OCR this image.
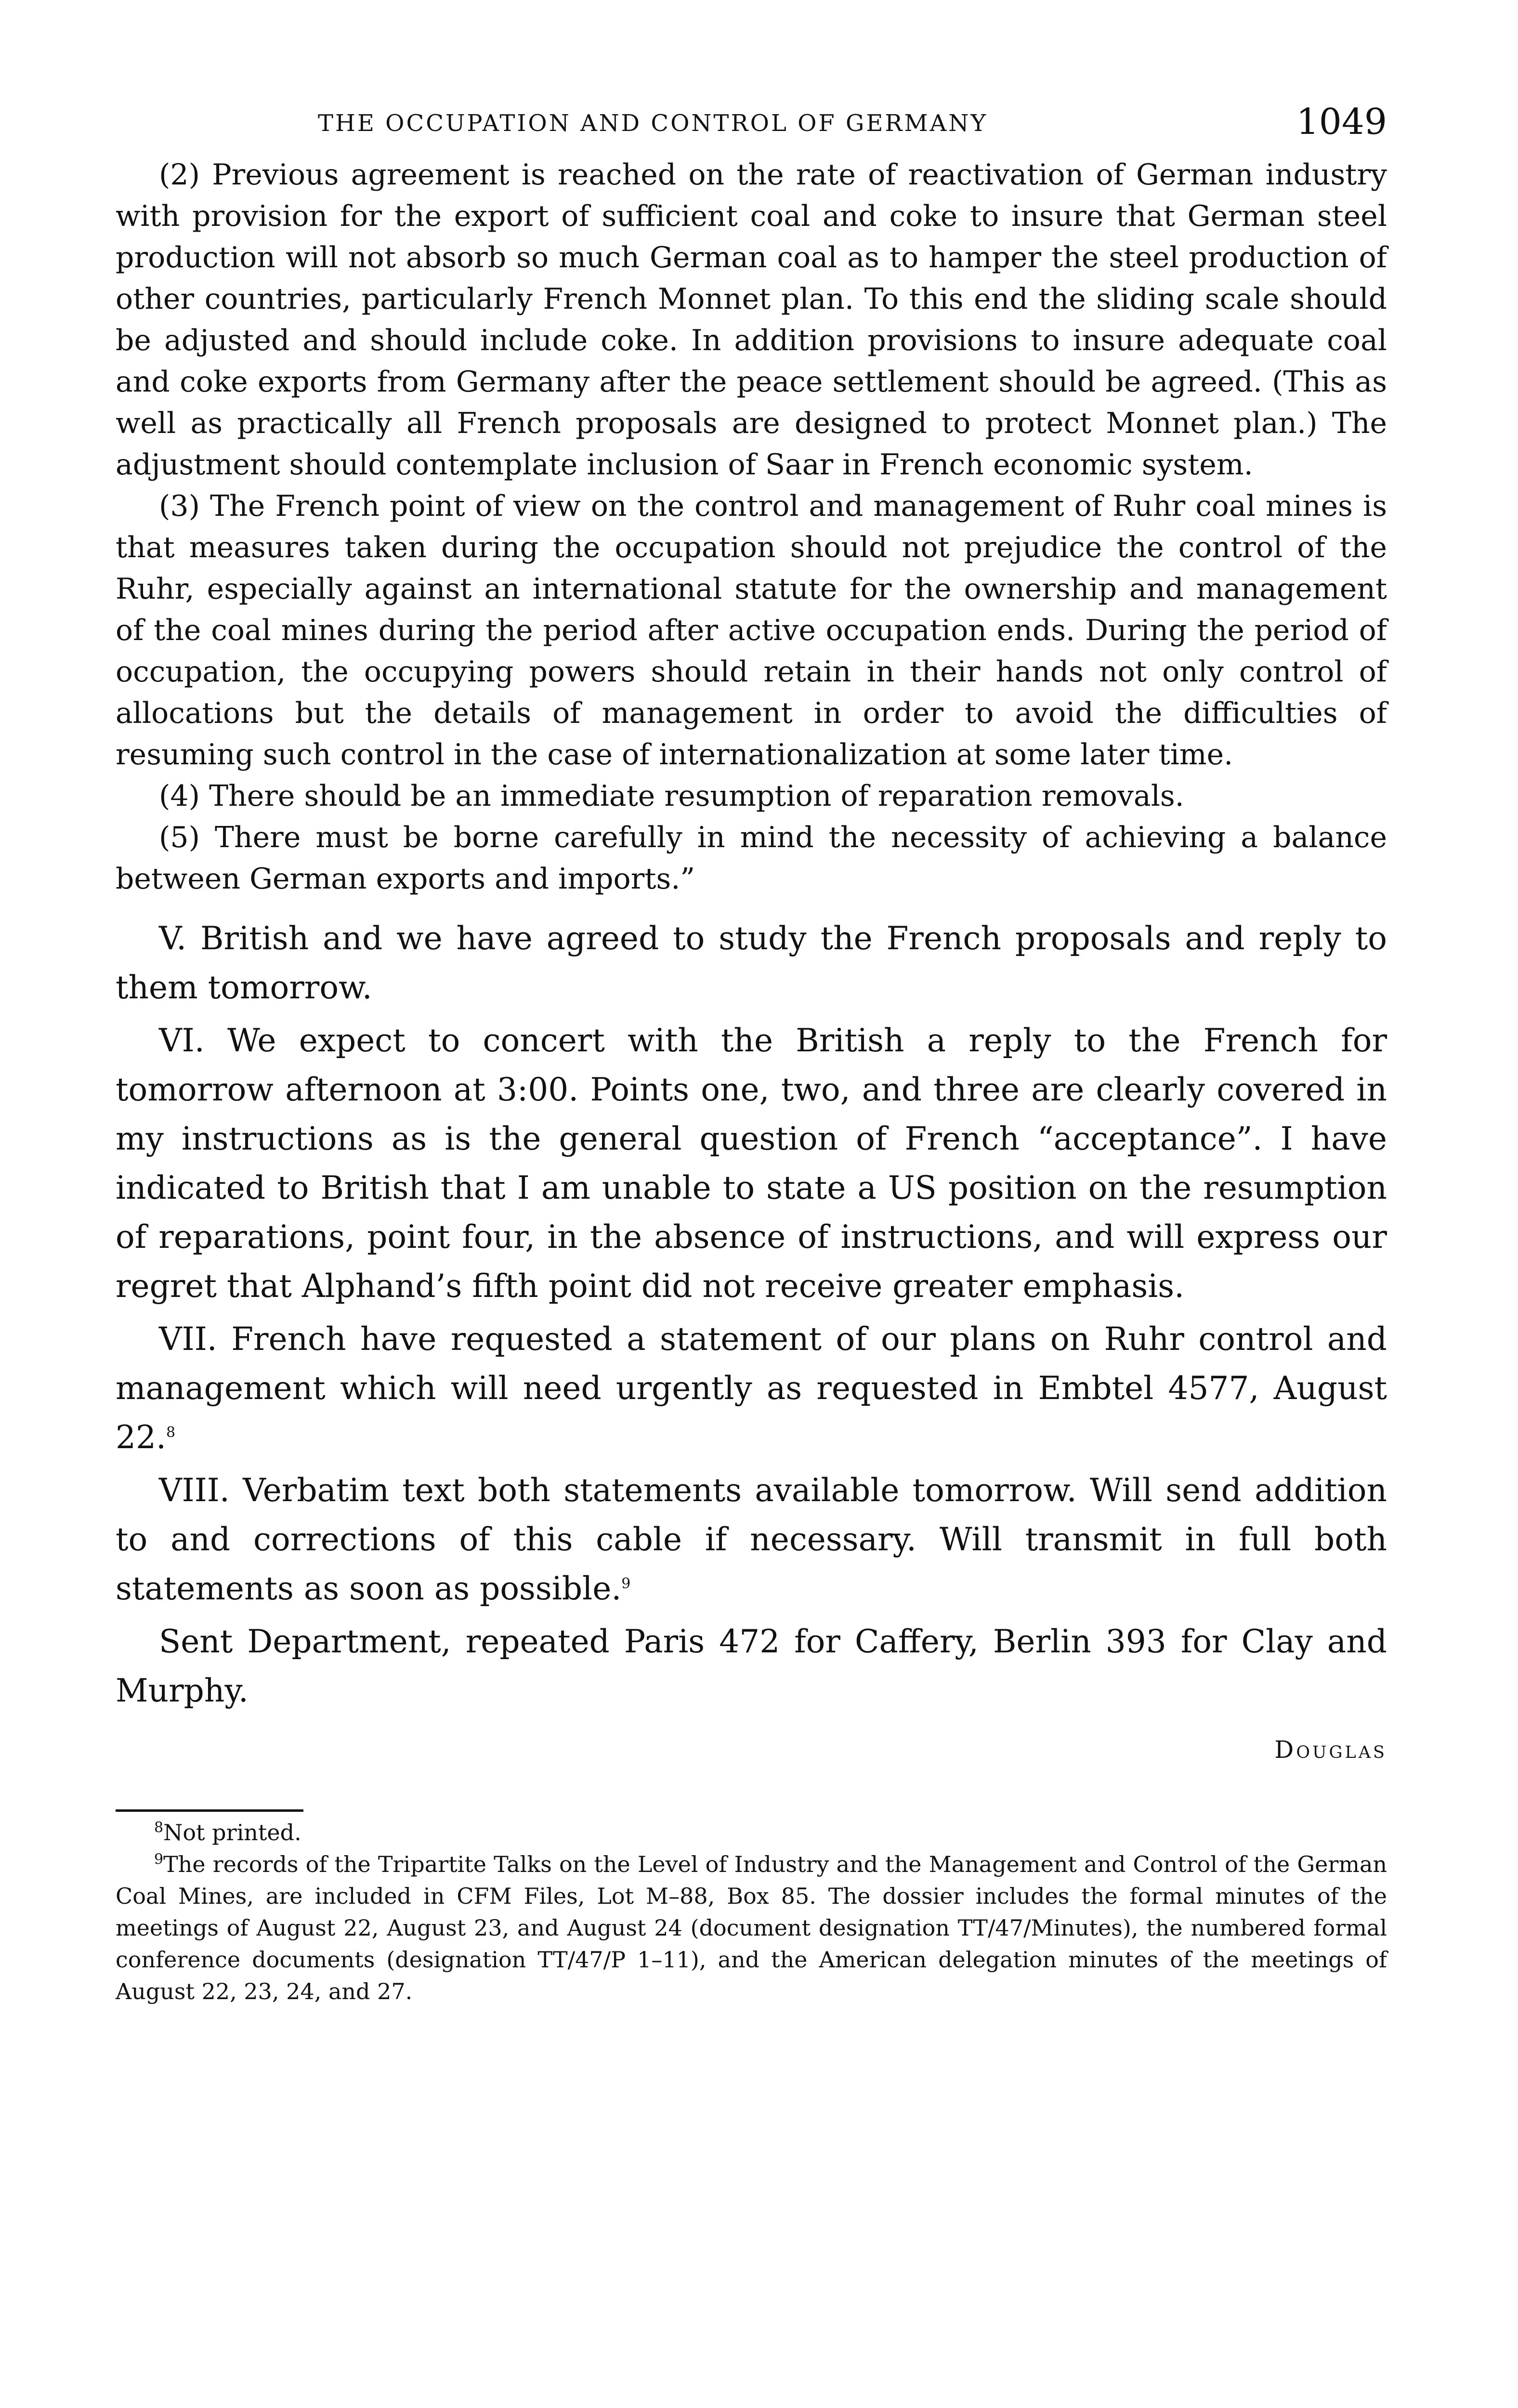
THE OCCUPATION AND CONTROL OF GERMANY	1049

(2) Previous agreement is reached on the rate of reactivation of German industry with provision for the export of sufficient coal and coke to insure that German steel production will not absorb so much German coal as to hamper the steel production of other countries, particularly French Monnet plan. To this end the sliding scale should be adjusted and should include coke. In addition provisions to insure adequate coal and coke exports from Germany after the peace settlement should be agreed. (This as well as practically all French proposals are designed to protect Monnet plan.) The adjustment should contemplate inclusion of Saar in French economic system.

(3) The French point of view on the control and management of Ruhr coal mines is that measures taken during the occupation should not prejudice the control of the Ruhr, especially against an international statute for the ownership and management of the coal mines during the period after active occupation ends. During the period of occupation, the occupying powers should retain in their hands not only control of allocations but the details of management in order to avoid the difficulties of resuming such control in the case of internationalization at some later time.

(4) There should be an immediate resumption of reparation removals.

(5) There must be borne carefully in mind the necessity of achieving a balance between German exports and imports.”

V. British and we have agreed to study the French proposals and reply to them tomorrow.

VI. We expect to concert with the British a reply to the French for tomorrow afternoon at 3:00. Points one, two, and three are clearly covered in my instructions as is the general question of French “acceptance”. I have indicated to British that I am unable to state a US position on the resumption of reparations, point four, in the absence of instructions, and will express our regret that Alphand’s fifth point did not receive greater emphasis.

VII. French have requested a statement of our plans on Ruhr control and management which will need urgently as requested in Embtel 4577, August 22.$^8$

VIII. Verbatim text both statements available tomorrow. Will send addition to and corrections of this cable if necessary. Will transmit in full both statements as soon as possible.$^9$

Sent Department, repeated Paris 472 for Caffery, Berlin 393 for Clay and Murphy.

Douglas

$^8$Not printed.

$^9$The records of the Tripartite Talks on the Level of Industry and the Management and Control of the German Coal Mines, are included in CFM Files, Lot M–88, Box 85. The dossier includes the formal minutes of the meetings of August 22, August 23, and August 24 (document designation TT/47/Minutes), the numbered formal conference documents (designation TT/47/P 1–11), and the American delegation minutes of the meetings of August 22, 23, 24, and 27.
